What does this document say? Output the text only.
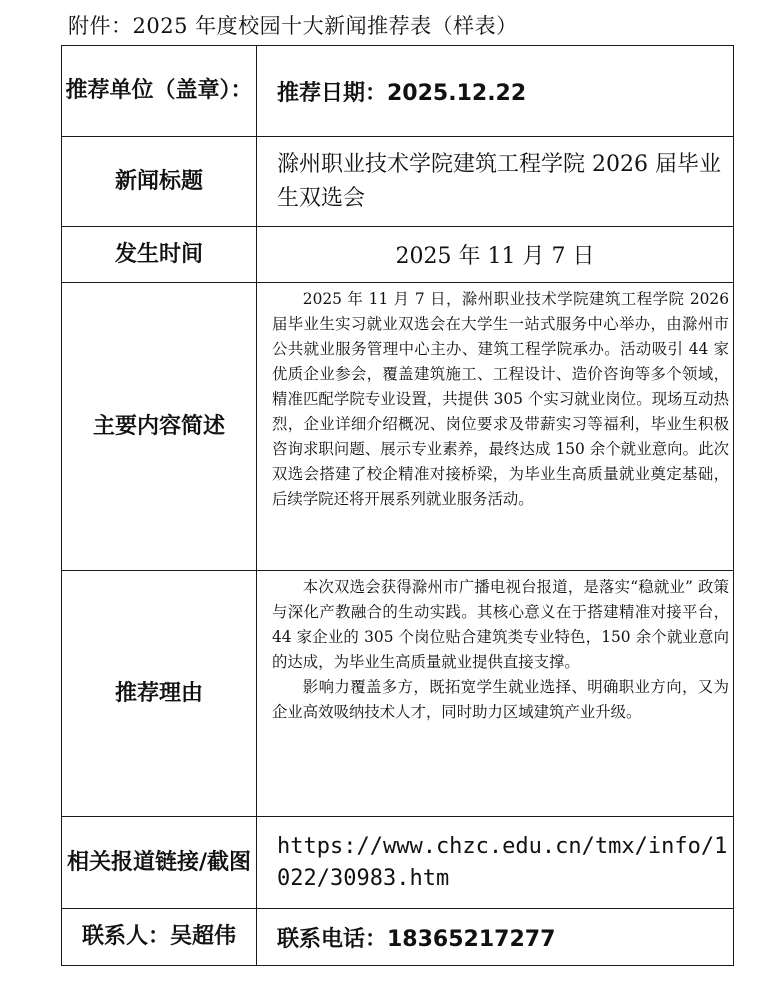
附件：2025 年度校园十大新闻推荐表（样表）
推荐单位（盖章）：	推荐日期：2025.12.22
新闻标题	滁州职业技术学院建筑工程学院 2026 届毕业生双选会
发生时间	2025 年 11 月 7 日
主要内容简述	2025 年 11 月 7 日，滁州职业技术学院建筑工程学院 2026 届毕业生实习就业双选会在大学生一站式服务中心举办，由滁州市公共就业服务管理中心主办、建筑工程学院承办。活动吸引 44 家优质企业参会，覆盖建筑施工、工程设计、造价咨询等多个领域，精准匹配学院专业设置，共提供 305 个实习就业岗位。现场互动热烈，企业详细介绍概况、岗位要求及带薪实习等福利，毕业生积极咨询求职问题、展示专业素养，最终达成 150 余个就业意向。此次双选会搭建了校企精准对接桥梁，为毕业生高质量就业奠定基础，后续学院还将开展系列就业服务活动。

推荐理由	本次双选会获得滁州市广播电视台报道，是落实“稳就业” 政策与深化产教融合的生动实践。其核心意义在于搭建精准对接平台，44 家企业的 305 个岗位贴合建筑类专业特色，150 余个就业意向的达成，为毕业生高质量就业提供直接支撑。

影响力覆盖多方，既拓宽学生就业选择、明确职业方向，又为企业高效吸纳技术人才，同时助力区域建筑产业升级。

相关报道链接/截图	https://www.chzc.edu.cn/tmx/info/1022/30983.htm
联系人：吴超伟	联系电话：18365217277
